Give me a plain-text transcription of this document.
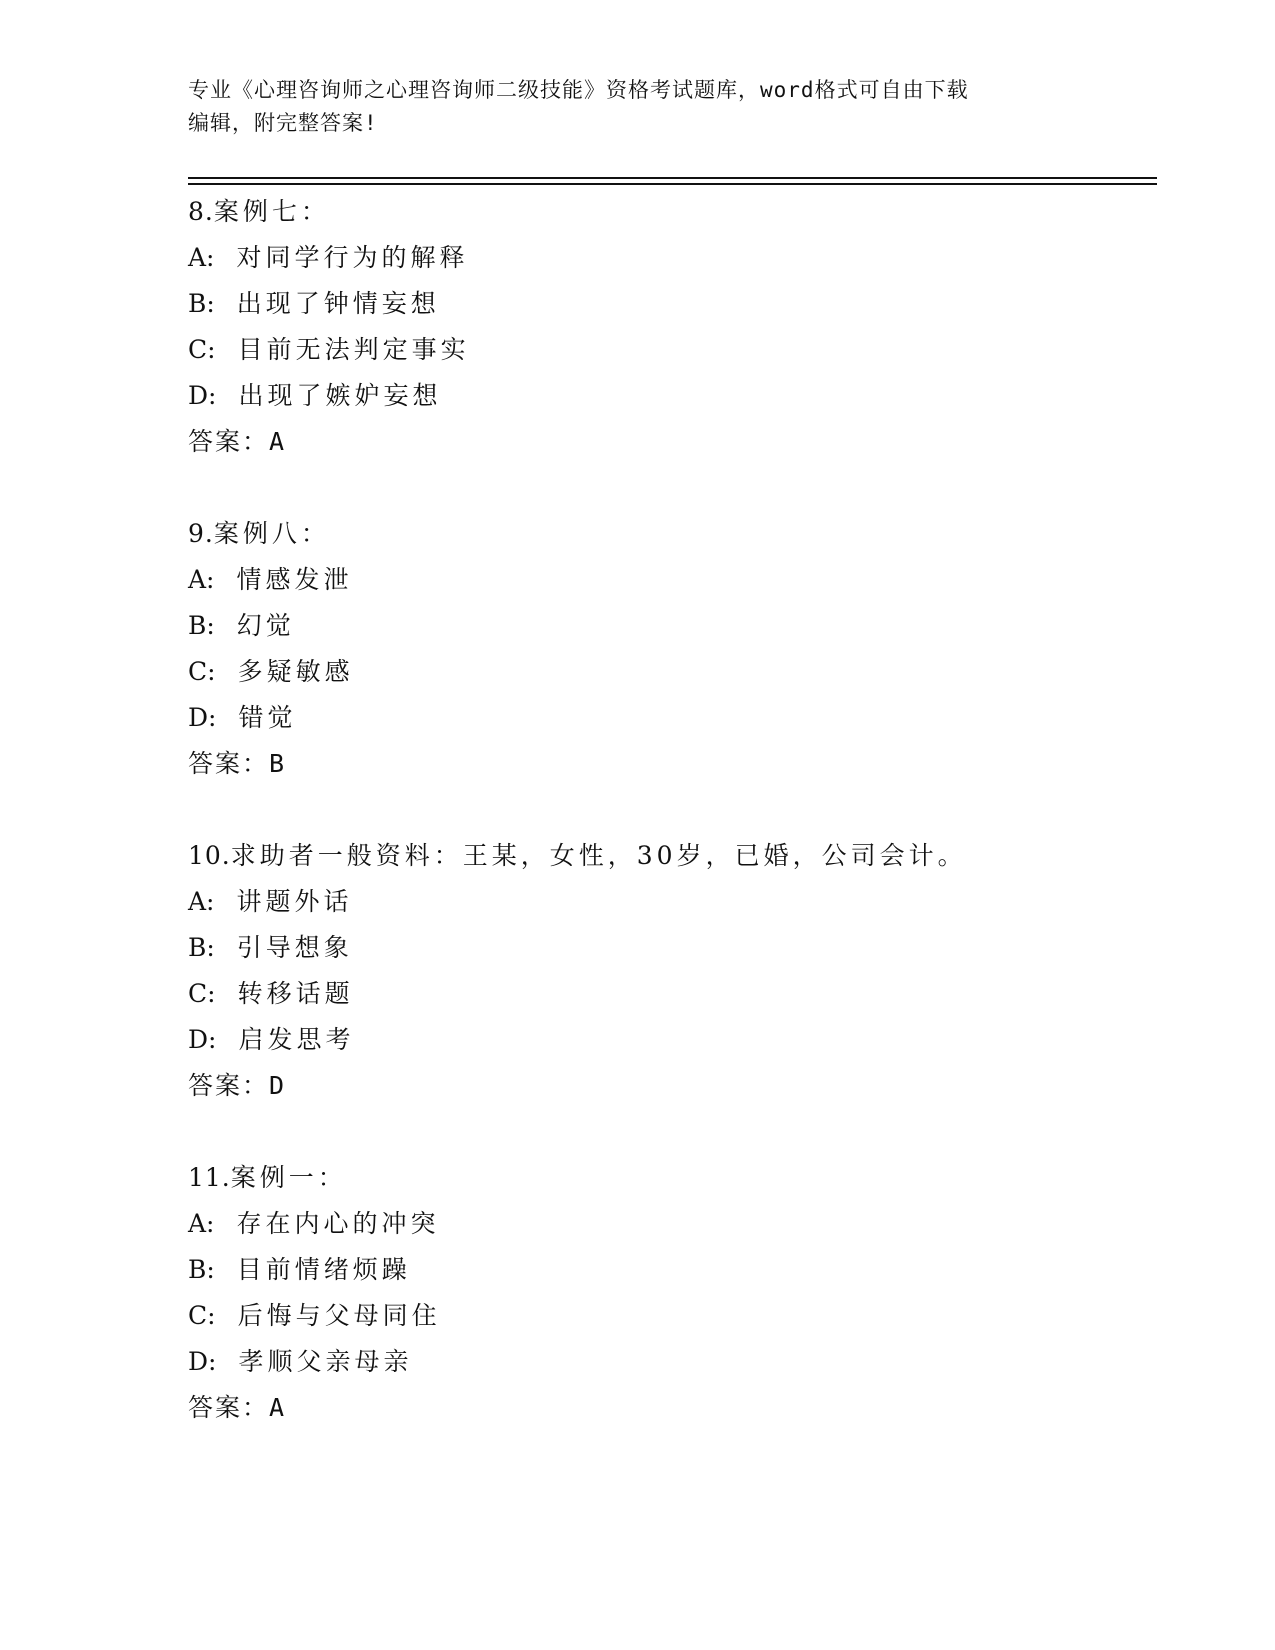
专业《心理咨询师之心理咨询师二级技能》资格考试题库，word格式可自由下载
编辑，附完整答案!
8.案例七：
A: 对同学行为的解释
B: 出现了钟情妄想
C: 目前无法判定事实
D: 出现了嫉妒妄想
答案：A
9.案例八：
A: 情感发泄
B: 幻觉
C: 多疑敏感
D: 错觉
答案：B
10.求助者一般资料：王某，女性，30岁，已婚，公司会计。
A: 讲题外话
B: 引导想象
C: 转移话题
D: 启发思考
答案：D
11.案例一：
A: 存在内心的冲突
B: 目前情绪烦躁
C: 后悔与父母同住
D: 孝顺父亲母亲
答案：A
